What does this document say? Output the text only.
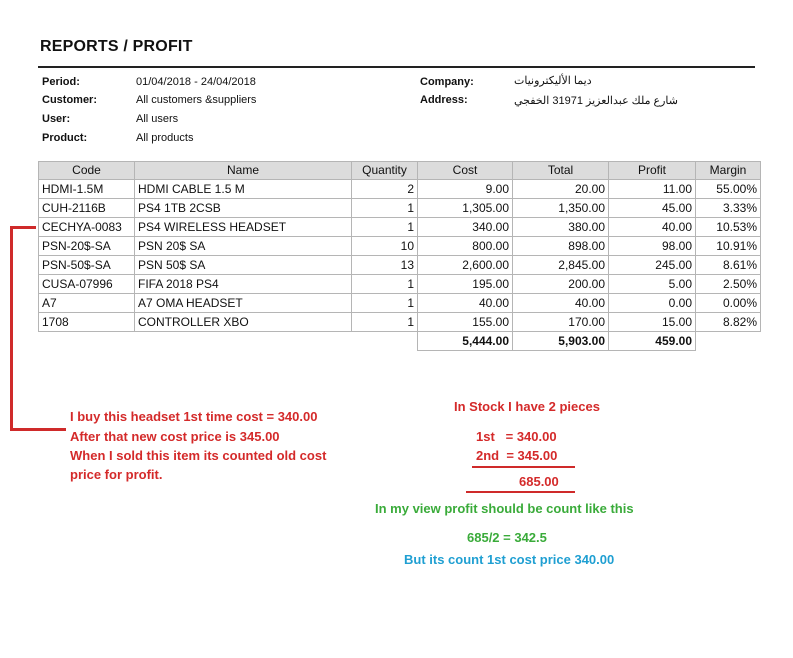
REPORTS / PROFIT
Period:	01/04/2018 - 24/04/2018
Customer:	All customers &suppliers
User:	All users
Product:	All products
Company:	ديما الأليكترونيات
Address:	شارع ملك عبدالعزيز 31971 الخفجي
Code	Name	Quantity	Cost	Total	Profit	Margin
HDMI-1.5M	HDMI CABLE 1.5 M	2	9.00	20.00	11.00	55.00%
CUH-2116B	PS4 1TB 2CSB	1	1,305.00	1,350.00	45.00	3.33%
CECHYA-0083	PS4 WIRELESS HEADSET	1	340.00	380.00	40.00	10.53%
PSN-20$-SA	PSN 20$ SA	10	800.00	898.00	98.00	10.91%
PSN-50$-SA	PSN 50$ SA	13	2,600.00	2,845.00	245.00	8.61%
CUSA-07996	FIFA 2018 PS4	1	195.00	200.00	5.00	2.50%
A7	A7 OMA HEADSET	1	40.00	40.00	0.00	0.00%
1708	CONTROLLER XBO	1	155.00	170.00	15.00	8.82%
			5,444.00	5,903.00	459.00	
I buy this headset 1st time cost = 340.00
After that new cost price is 345.00
When I sold this item its counted old cost
price for profit.
In Stock I have 2 pieces
1st   = 340.00
2nd  = 345.00
685.00
In my view profit should be count like this
685/2 = 342.5
But its count 1st cost price 340.00
